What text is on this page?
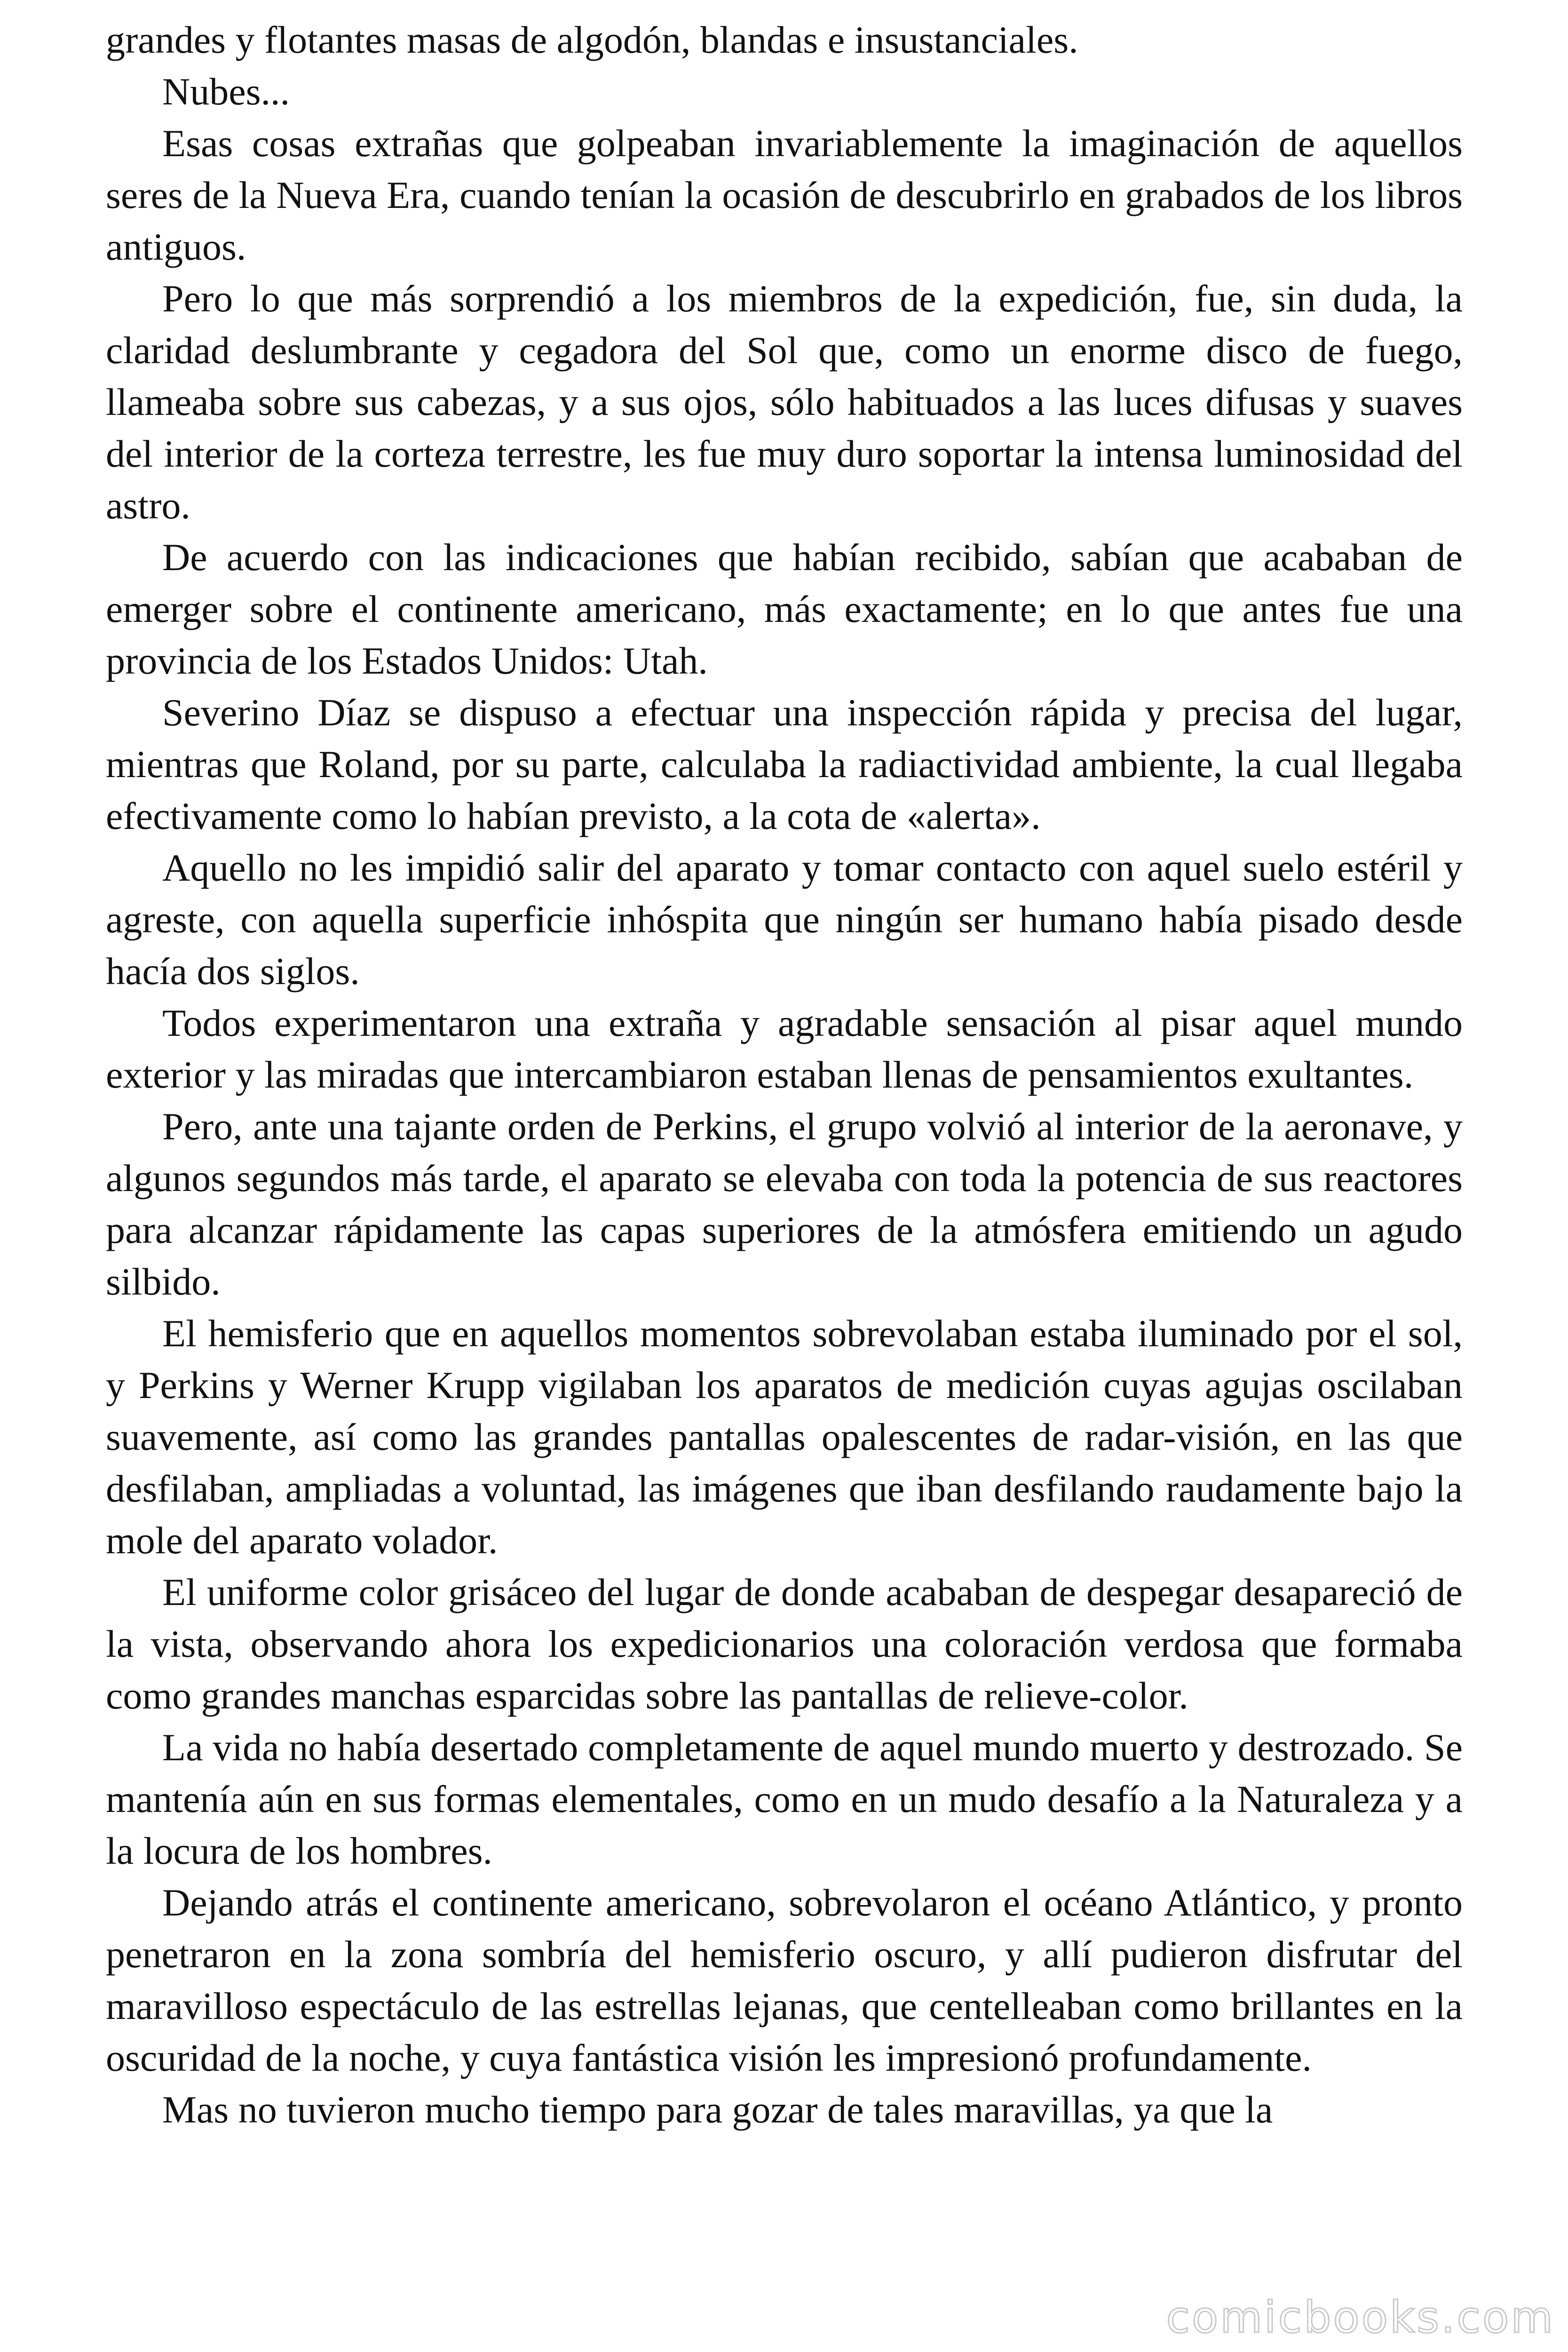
grandes y flotantes masas de algodón, blandas e insustanciales.

Nubes...

Esas cosas extrañas que golpeaban invariablemente la imaginación de aquellos seres de la Nueva Era, cuando tenían la ocasión de descubrirlo en grabados de los libros antiguos.

Pero lo que más sorprendió a los miembros de la expedición, fue, sin duda, la claridad deslumbrante y cegadora del Sol que, como un enorme disco de fuego, llameaba sobre sus cabezas, y a sus ojos, sólo habituados a las luces difusas y suaves del interior de la corteza terrestre, les fue muy duro soportar la intensa luminosidad del astro.

De acuerdo con las indicaciones que habían recibido, sabían que acababan de emerger sobre el continente americano, más exactamente; en lo que antes fue una provincia de los Estados Unidos: Utah.

Severino Díaz se dispuso a efectuar una inspección rápida y precisa del lugar, mientras que Roland, por su parte, calculaba la radiactividad ambiente, la cual llegaba efectivamente como lo habían previsto, a la cota de «alerta».

Aquello no les impidió salir del aparato y tomar contacto con aquel suelo estéril y agreste, con aquella superficie inhóspita que ningún ser humano había pisado desde hacía dos siglos.

Todos experimentaron una extraña y agradable sensación al pisar aquel mundo exterior y las miradas que intercambiaron estaban llenas de pensamientos exultantes.

Pero, ante una tajante orden de Perkins, el grupo volvió al interior de la aeronave, y algunos segundos más tarde, el aparato se elevaba con toda la potencia de sus reactores para alcanzar rápidamente las capas superiores de la atmósfera emitiendo un agudo silbido.

El hemisferio que en aquellos momentos sobrevolaban estaba iluminado por el sol, y Perkins y Werner Krupp vigilaban los aparatos de medición cuyas agujas oscilaban suavemente, así como las grandes pantallas opalescentes de radar-visión, en las que desfilaban, ampliadas a voluntad, las imágenes que iban desfilando raudamente bajo la mole del aparato volador.

El uniforme color grisáceo del lugar de donde acababan de despegar desapareció de la vista, observando ahora los expedicionarios una coloración verdosa que formaba como grandes manchas esparcidas sobre las pantallas de relieve-color.

La vida no había desertado completamente de aquel mundo muerto y destrozado. Se mantenía aún en sus formas elementales, como en un mudo desafío a la Naturaleza y a la locura de los hombres.

Dejando atrás el continente americano, sobrevolaron el océano Atlántico, y pronto penetraron en la zona sombría del hemisferio oscuro, y allí pudieron disfrutar del maravilloso espectáculo de las estrellas lejanas, que centelleaban como brillantes en la oscuridad de la noche, y cuya fantástica visión les impresionó profundamente.

Mas no tuvieron mucho tiempo para gozar de tales maravillas, ya que la

comicbooks.com
